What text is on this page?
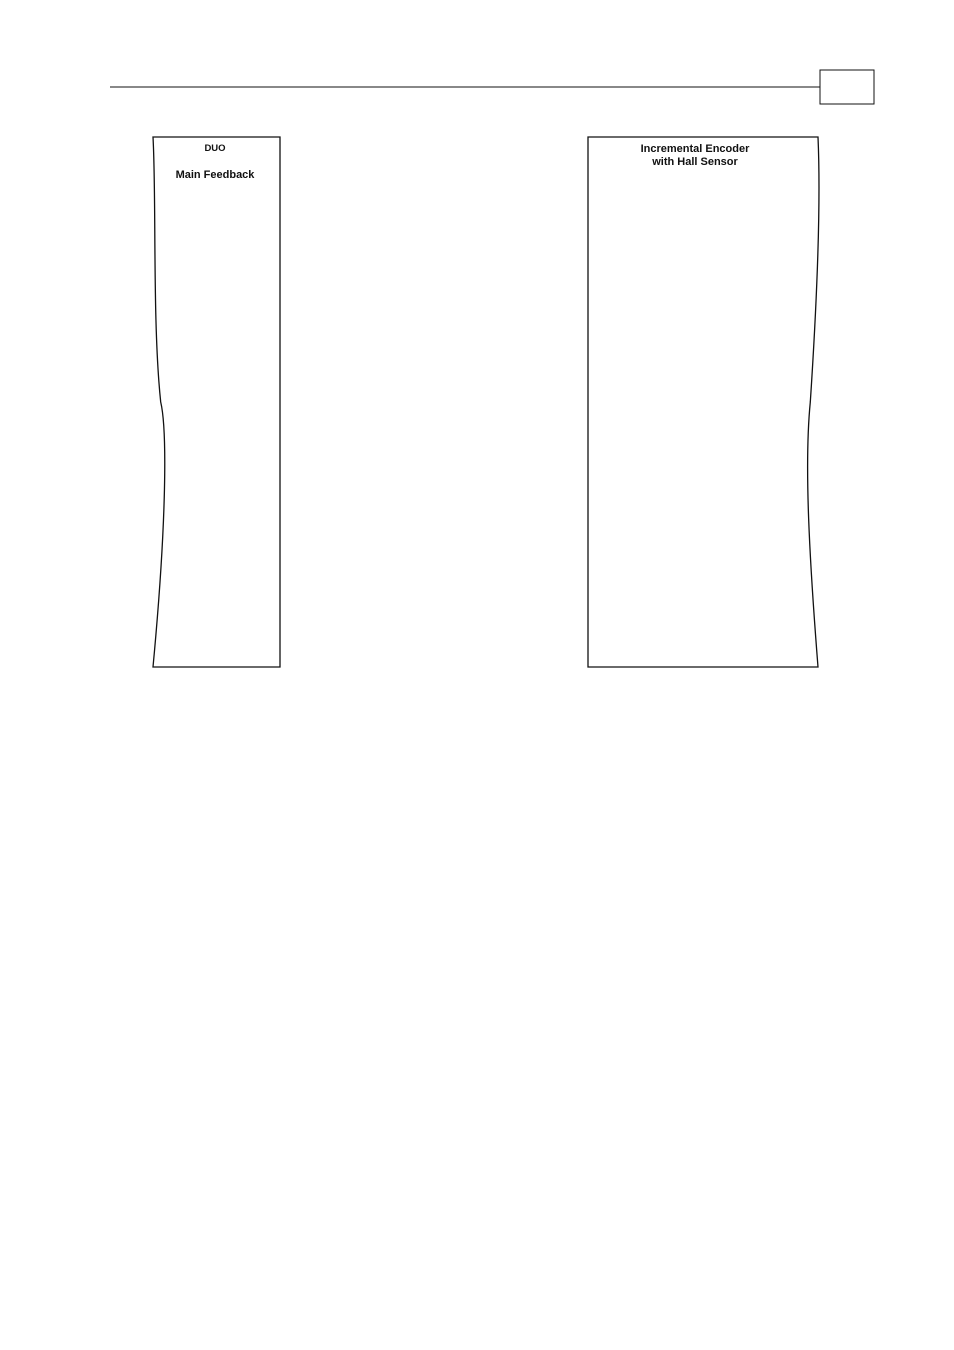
DUO
Main Feedback
Incremental Encoder
with Hall Sensor
